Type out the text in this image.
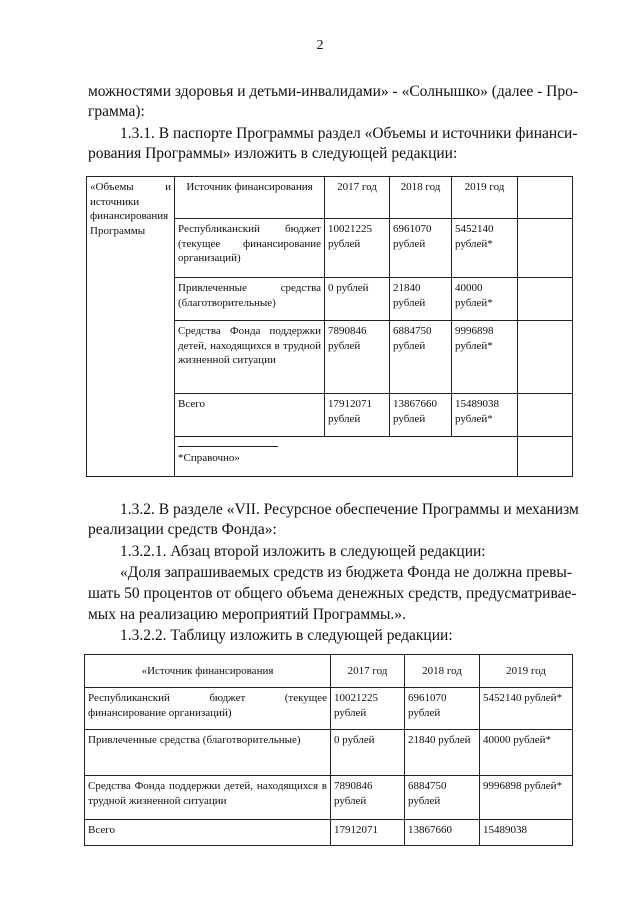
2
можностями здоровья и детьми-инвалидами» - «Солнышко» (далее - Про-
грамма):
1.3.1. В паспорте Программы раздел «Объемы и источники финанси-
рования Программы» изложить в следующей редакции:
«Объемы и источники финансирования Программы	Источник финансирования	2017 год	2018 год	2019 год	
	Республиканский бюджет (текущее финансирование организаций)	10021225 рублей	6961070 рублей	5452140 рублей*	
	Привлеченные средства (благотворительные)	0 рублей	21840 рублей	40000 рублей*	
	Средства Фонда поддержки детей, находящихся в трудной жизненной ситуации	7890846 рублей	6884750 рублей	9996898 рублей*	
	Всего	17912071 рублей	13867660 рублей	15489038 рублей*	

*Справочно»				
1.3.2. В разделе «VII. Ресурсное обеспечение Программы и механизм
реализации средств Фонда»:
1.3.2.1. Абзац второй изложить в следующей редакции:
«Доля запрашиваемых средств из бюджета Фонда не должна превы-
шать 50 процентов от общего объема денежных средств, предусматривае-
мых на реализацию мероприятий Программы.».
1.3.2.2. Таблицу изложить в следующей редакции:
«Источник финансирования	2017 год	2018 год	2019 год
Республиканский бюджет (текущее финансирование организаций)	10021225 рублей	6961070 рублей	5452140 рублей*
Привлеченные средства (благотворительные)	0 рублей	21840 рублей	40000 рублей*
Средства Фонда поддержки детей, находящихся в трудной жизненной ситуации	7890846 рублей	6884750 рублей	9996898 рублей*
Всего	17912071	13867660	15489038
